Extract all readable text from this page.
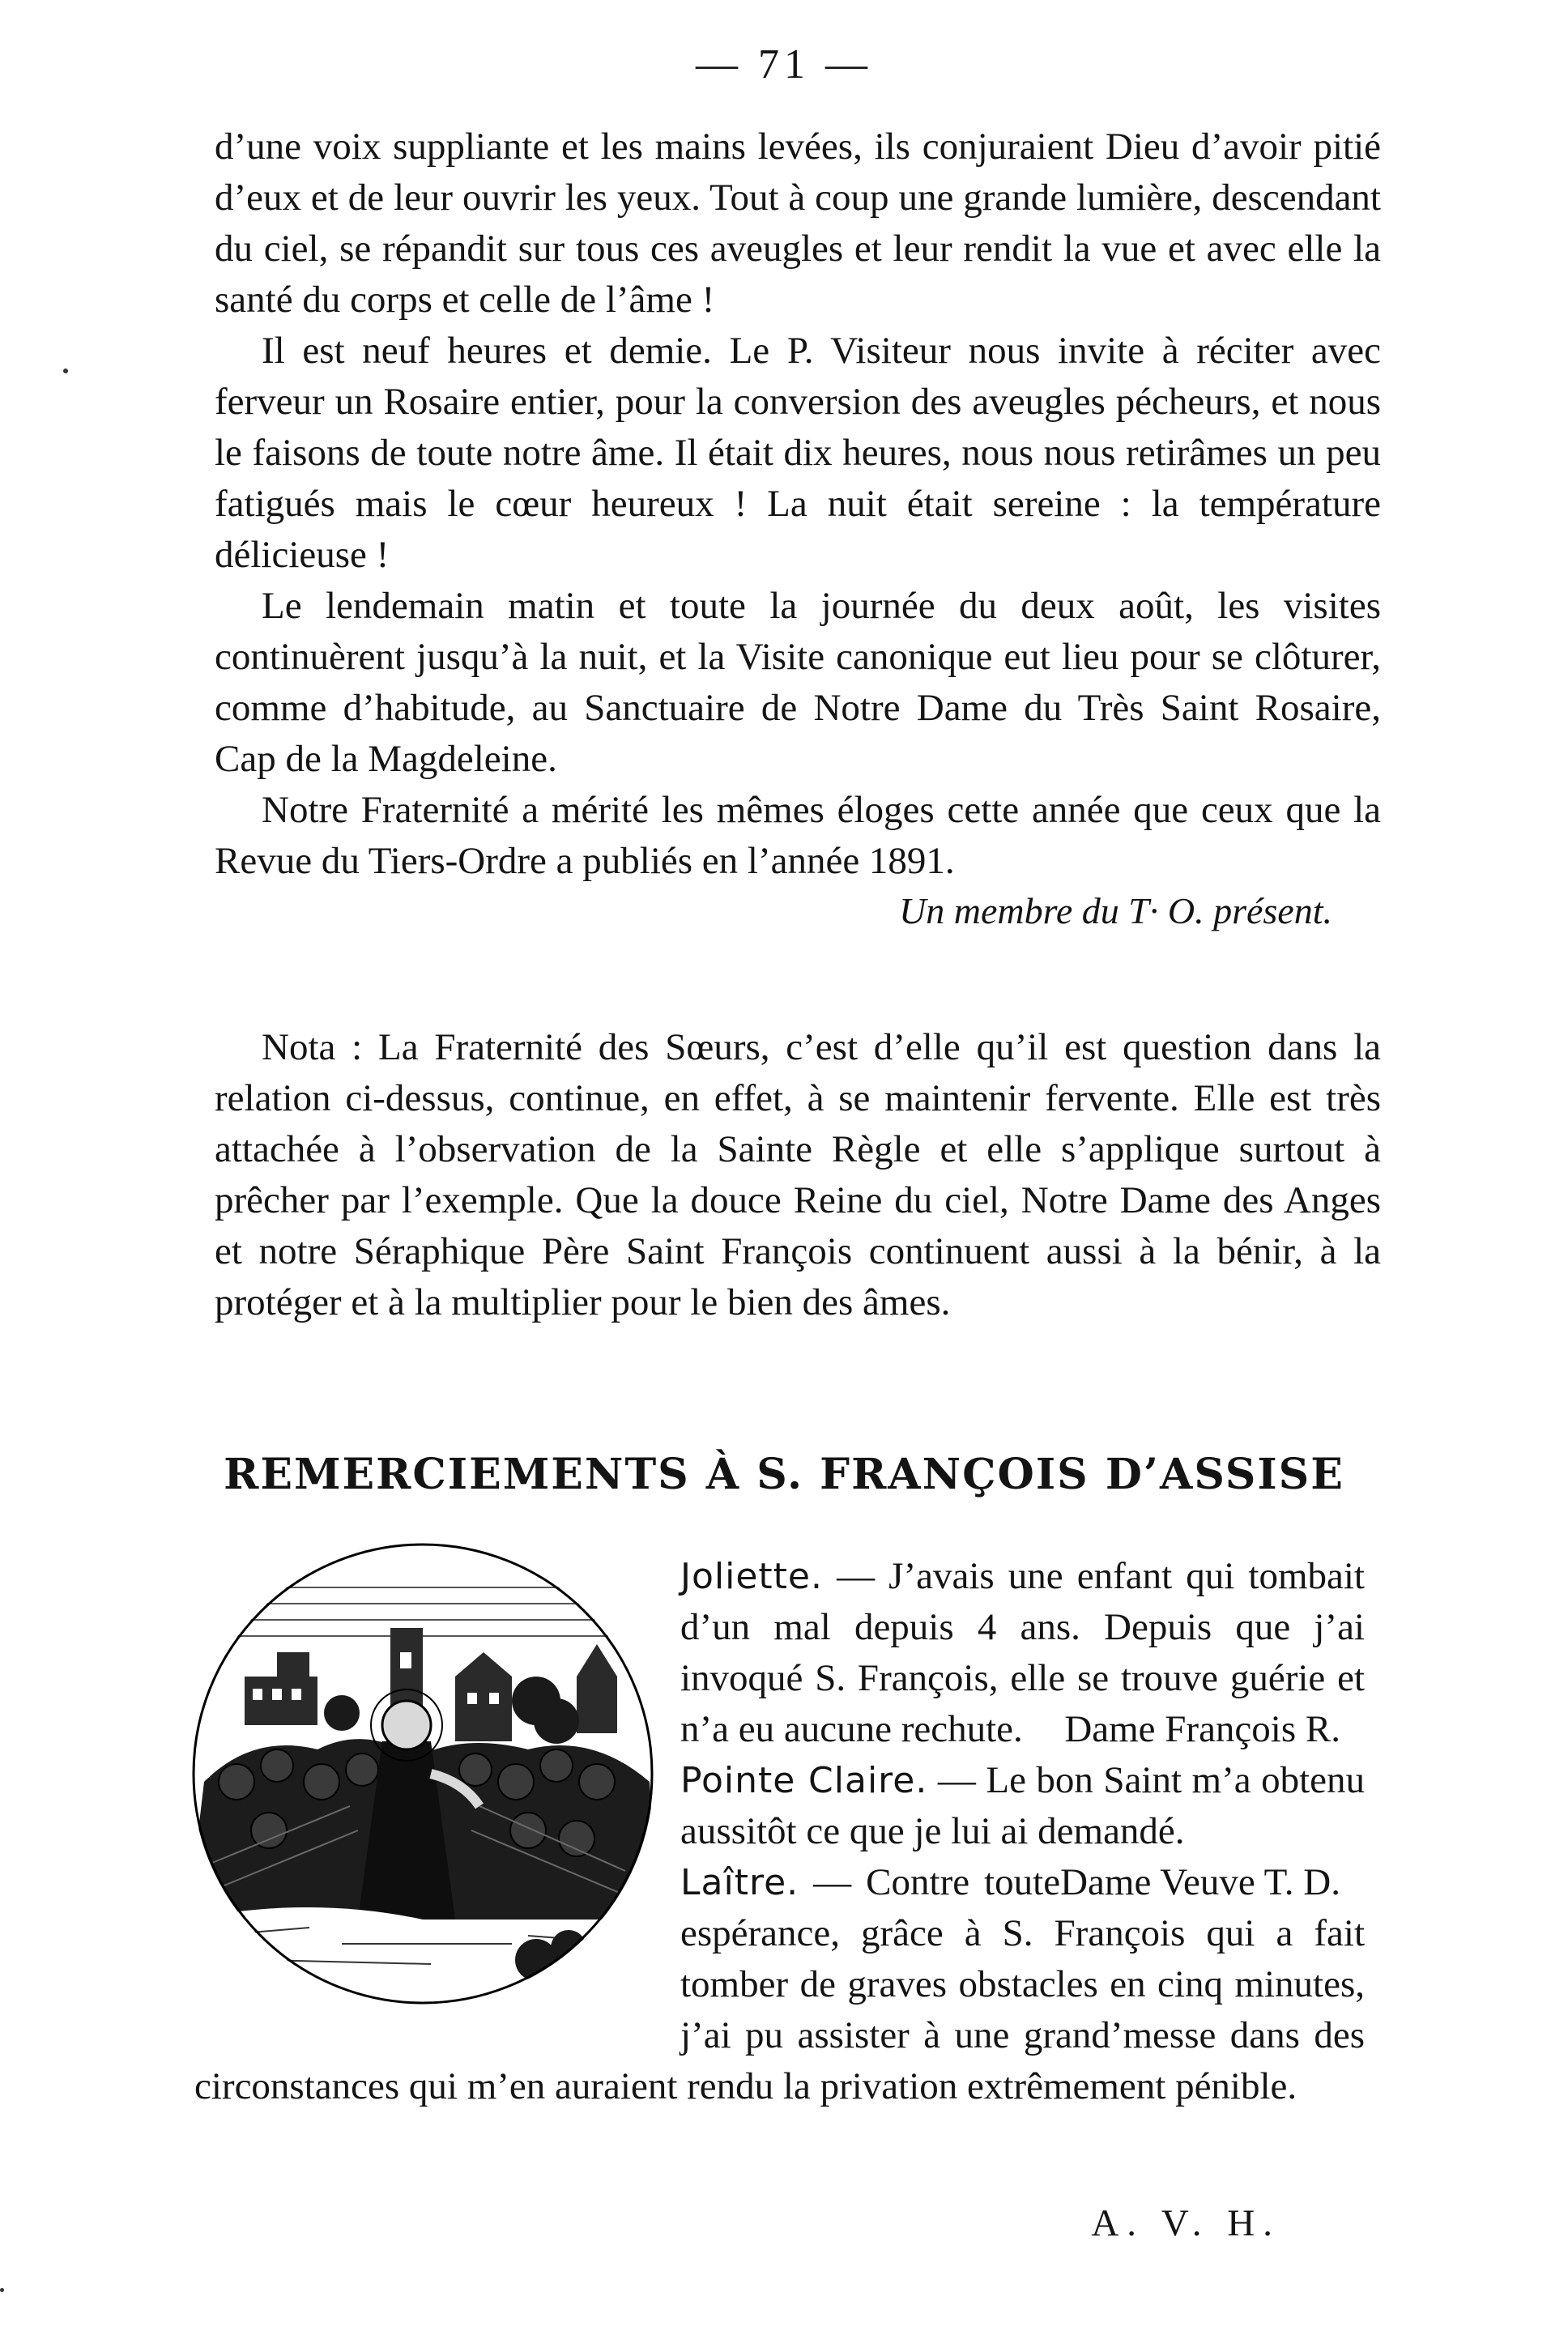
— 71 —

d’une voix suppliante et les mains levées, ils conjuraient Dieu d’avoir pitié d’eux et de leur ouvrir les yeux. Tout à coup une grande lumière, descendant du ciel, se répandit sur tous ces aveugles et leur rendit la vue et avec elle la santé du corps et celle de l’âme !

Il est neuf heures et demie. Le P. Visiteur nous invite à réciter avec ferveur un Rosaire entier, pour la conversion des aveugles pécheurs, et nous le faisons de toute notre âme. Il était dix heures, nous nous retirâmes un peu fatigués mais le cœur heureux ! La nuit était sereine : la température délicieuse !

Le lendemain matin et toute la journée du deux août, les visites continuèrent jusqu’à la nuit, et la Visite canonique eut lieu pour se clôturer, comme d’habitude, au Sanctuaire de Notre Dame du Très Saint Rosaire, Cap de la Magdeleine.

Notre Fraternité a mérité les mêmes éloges cette année que ceux que la Revue du Tiers-Ordre a publiés en l’année 1891.

Un membre du T· O. présent.

Nota : La Fraternité des Sœurs, c’est d’elle qu’il est question dans la relation ci-dessus, continue, en effet, à se maintenir fervente. Elle est très attachée à l’observation de la Sainte Règle et elle s’applique surtout à prêcher par l’exemple. Que la douce Reine du ciel, Notre Dame des Anges et notre Séraphique Père Saint François continuent aussi à la bénir, à la protéger et à la multiplier pour le bien des âmes.

REMERCIEMENTS À S. FRANÇOIS D’ASSISE

Joliette. — J’avais une enfant qui tombait d’un mal depuis 4 ans. Depuis que j’ai invoqué S. François, elle se trouve guérie et n’a eu aucune rechute. Dame François R.

Pointe Claire. — Le bon Saint m’a obtenu aussitôt ce que je lui ai demandé.
Dame Veuve T. D.

Laître. — Contre toute espérance, grâce à S. François qui a fait tomber de graves obstacles en cinq minutes, j’ai pu assister à une grand’messe dans des circonstances qui m’en auraient rendu la privation extrêmement pénible.

A. V. H.
